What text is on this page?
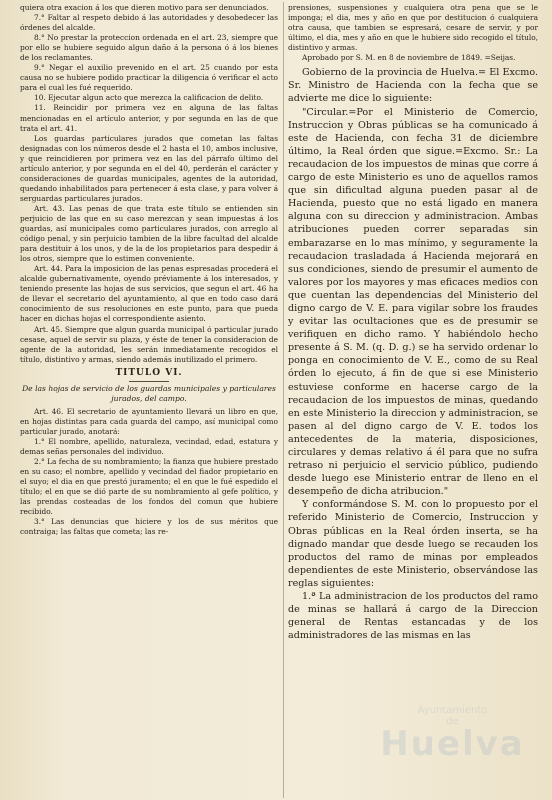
quiera otra exacion á los que dieren motivo para ser denunciados.

7.° Faltar al respeto debido á las autoridades y desobedecer las órdenes del alcalde.

8.° No prestar la proteccion ordenada en el art. 23, siempre que por ello se hubiere seguido algun daño á la persona ó á los bienes de los reclamantes.

9.° Negar el auxilio prevenido en el art. 25 cuando por esta causa no se hubiere podido practicar la diligencia ó verificar el acto para el cual les fué requerido.

10. Ejecutar algun acto que merezca la calificacion de delito.

11. Reincidir por primera vez en alguna de las faltas mencionadas en el artículo anterior, y por segunda en las de que trata el art. 41.

Los guardas particulares jurados que cometan las faltas designadas con los números desde el 2 hasta el 10, ambos inclusive, y que reincidieren por primera vez en las del párrafo último del artículo anterior, y por segunda en el del 40, perderán el carácter y consideraciones de guardas municipales, agentes de la autoridad, quedando inhabilitados para pertenecer á esta clase, y para volver á serguardas particulares jurados.

Art. 43. Las penas de que trata este título se entienden sin perjuicio de las que en su caso merezcan y sean impuestas á los guardas, así municipales como particulares jurados, con arreglo al código penal, y sin perjuicio tambien de la libre facultad del alcalde para destituir á los unos, y de la de los propietarios para despedir á los otros, siempre que lo estimen conveniente.

Art. 44. Para la imposicion de las penas espresadas procederá el alcalde gubernativamente, oyendo préviamente á los interesados, y teniendo presente las hojas de sus servicios, que segun el art. 46 ha de llevar el secretario del ayuntamiento, al que en todo caso dará conocimiento de sus resoluciones en este punto, para que pueda hacer en dichas hojas el correspondiente asiento.

Art. 45. Siempre que algun guarda municipal ó particular jurado cesase, aquel de servir su plaza, y éste de tener la consideracion de agente de la autoridad, les serán inmediatamente recogidos el título, distintivo y armas, siendo además inutilizado el primero.

TITULO VI.
De las hojas de servicio de los guardas municipales y particulares jurados, del campo.

Art. 46. El secretario de ayuntamiento llevará un libro en que, en hojas distintas para cada guarda del campo, así municipal como particular jurado, anotará:

1.° El nombre, apellido, naturaleza, vecindad, edad, estatura y demas señas personales del individuo.

2.° La fecha de su nombramiento; la fianza que hubiere prestado en su caso; el nombre, apellido y vecindad del fiador propietario en el suyo; el dia en que prestó juramento; el en que le fué espedido el título; el en que se dió parte de su nombramiento al gefe político, y las prendas costeadas de los fondos del comun que hubiere recibido.

3.° Las denuncias que hiciere y los de sus méritos que contraiga; las faltas que cometa; las re-

prensiones, suspensiones y cualquiera otra pena que se le imponga; el dia, mes y año en que por destitucion ó cualquiera otra causa, que tambien se espresará, cesare de servir, y por último, el dia, mes y año en que le hubiere sido recogido el título, distintivo y armas.

Aprobado por S. M. en 8 de noviembre de 1849. =Seijas.

Gobierno de la provincia de Huelva.= El Excmo. Sr. Ministro de Hacienda con la fecha que se advierte me dice lo siguiente:

"Circular.=Por el Ministerio de Comercio, Instruccion y Obras públicas se ha comunicado á este de Hacienda, con fecha 31 de diciembre último, la Real órden que sigue.=Excmo. Sr.: La recaudacion de los impuestos de minas que corre á cargo de este Ministerio es uno de aquellos ramos que sin dificultad alguna pueden pasar al de Hacienda, puesto que no está ligado en manera alguna con su direccion y administracion. Ambas atribuciones pueden correr separadas sin embarazarse en lo mas mínimo, y seguramente la recaudacion trasladada á Hacienda mejorará en sus condiciones, siendo de presumir el aumento de valores por los mayores y mas eficaces medios con que cuentan las dependencias del Ministerio del digno cargo de V. E. para vigilar sobre los fraudes y evitar las ocultaciones que es de presumir se verifiquen en dicho ramo. Y habiéndolo hecho presente á S. M. (q. D. g.) se ha servido ordenar lo ponga en conocimiento de V. E., como de su Real órden lo ejecuto, á fin de que si ese Ministerio estuviese conforme en hacerse cargo de la recaudacion de los impuestos de minas, quedando en este Ministerio la direccion y administracion, se pasen al del digno cargo de V. E. todos los antecedentes de la materia, disposiciones, circulares y demas relativo á él para que no sufra retraso ni perjuicio el servicio público, pudiendo desde luego ese Ministerio entrar de lleno en el desempeño de dicha atribucion."

Y conformándose S. M. con lo propuesto por el referido Ministerio de Comercio, Instruccion y Obras públicas en la Real órden inserta, se ha dignado mandar que desde luego se recauden los productos del ramo de minas por empleados dependientes de este Ministerio, observándose las reglas siguientes:

1.ª La administracion de los productos del ramo de minas se hallará á cargo de la Direccion general de Rentas estancadas y de los administradores de las mismas en las

Ayuntamiento
de
Huelva
